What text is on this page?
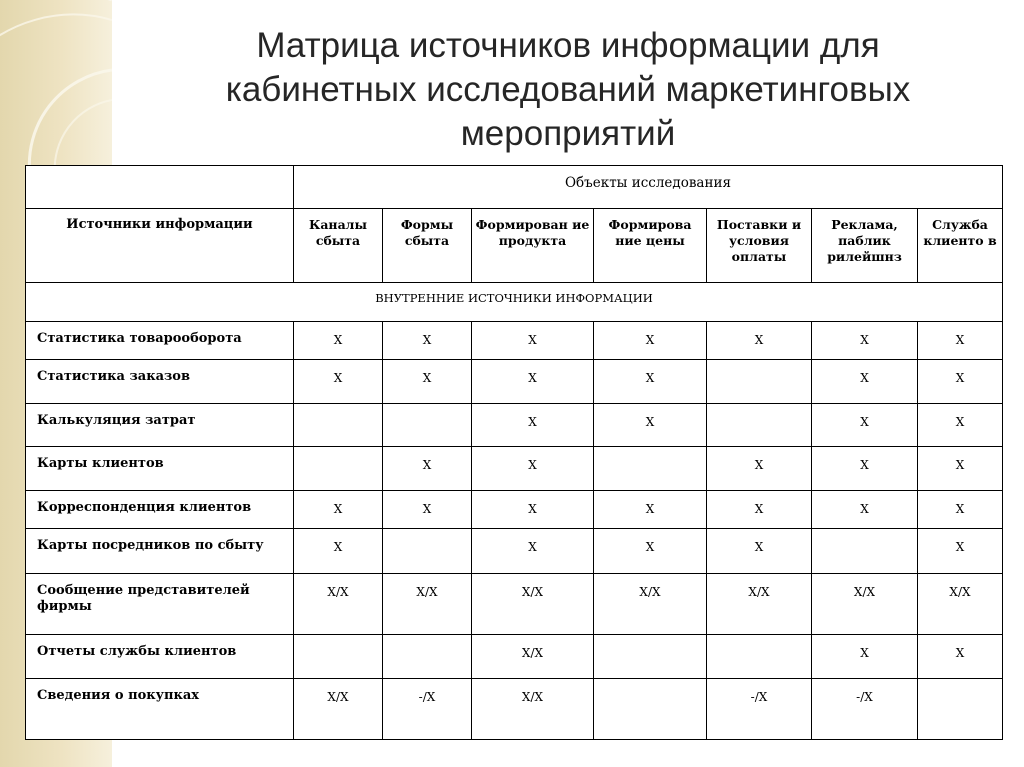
Матрица источников информации для
кабинетных исследований маркетинговых
мероприятий
	Объекты исследования						
Источники информации	Каналы сбыта	Формы сбыта	Формирован ие продукта	Формирова ние цены	Поставки и условия оплаты	Реклама, паблик рилейшнз	Служба клиенто в
ВНУТРЕННИЕ ИСТОЧНИКИ ИНФОРМАЦИИ							
Статистика товарооборота	X	X	X	X	X	X	X
Статистика заказов	X	X	X	X		X	X
Калькуляция затрат			X	X		X	X
Карты клиентов		X	X		X	X	X
Корреспонденция клиентов	X	X	X	X	X	X	X
Карты посредников по сбыту	X		X	X	X		X
Сообщение представителей фирмы	X/X	X/X	X/X	X/X	X/X	X/X	X/X
Отчеты службы клиентов			X/X			X	X
Сведения о покупках	X/X	-/X	X/X		-/X	-/X	
